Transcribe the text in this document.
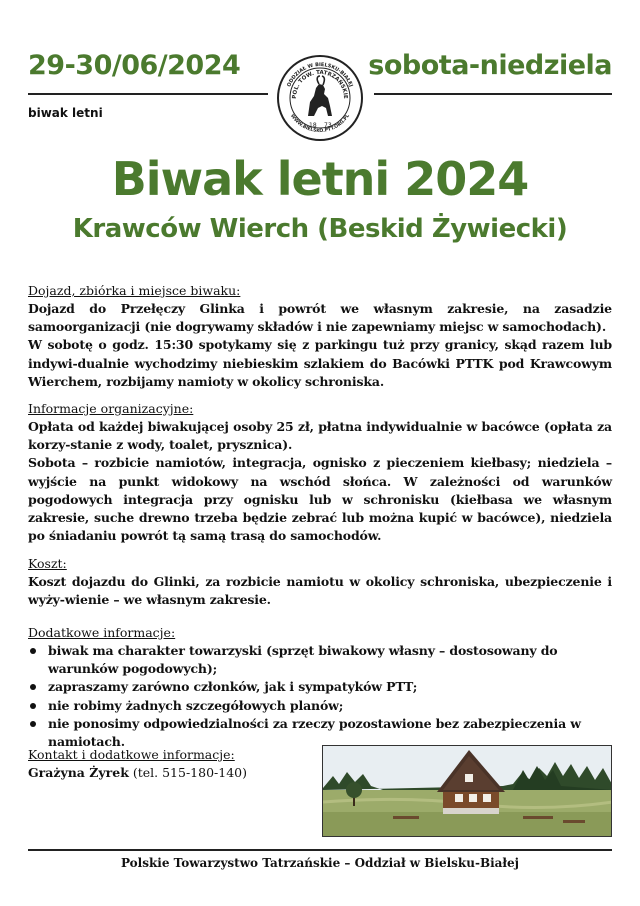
29-30/06/2024	sobota-niedziela
biwak letni
ODDZIAŁ W BIELSKU-BIAŁEJ
WWW.BIELSKO.PTT.ORG.PL
POL. TOW. TATRZAŃSKIE
18 73
Biwak letni 2024
Krawców Wierch (Beskid Żywiecki)
Dojazd, zbiórka i miejsce biwaku:

Dojazd do Przełęczy Glinka i powrót we własnym zakresie, na zasadzie samoorganizacji (nie dogrywamy składów i nie zapewniamy miejsc w samochodach).

W sobotę o godz. 15:30 spotykamy się z parkingu tuż przy granicy, skąd razem lub indywi-dualnie wychodzimy niebieskim szlakiem do Bacówki PTTK pod Krawcowym Wierchem, rozbijamy namioty w okolicy schroniska.

Informacje organizacyjne:

Opłata od każdej biwakującej osoby 25 zł, płatna indywidualnie w bacówce (opłata za korzy-stanie z wody, toalet, prysznica).

Sobota – rozbicie namiotów, integracja, ognisko z pieczeniem kiełbasy; niedziela – wyjście na punkt widokowy na wschód słońca. W zależności od warunków pogodowych integracja przy ognisku lub w schronisku (kiełbasa we własnym zakresie, suche drewno trzeba będzie zebrać lub można kupić w bacówce), niedziela po śniadaniu powrót tą samą trasą do samochodów.

Koszt:

Koszt dojazdu do Glinki, za rozbicie namiotu w okolicy schroniska, ubezpieczenie i wyży-wienie – we własnym zakresie.

Dodatkowe informacje:
biwak ma charakter towarzyski (sprzęt biwakowy własny – dostosowany do warunków pogodowych);
zapraszamy zarówno członków, jak i sympatyków PTT;
nie robimy żadnych szczegółowych planów;
nie ponosimy odpowiedzialności za rzeczy pozostawione bez zabezpieczenia w namiotach.
Kontakt i dodatkowe informacje:
Grażyna Żyrek (tel. 515-180-140)
Polskie Towarzystwo Tatrzańskie – Oddział w Bielsku-Białej
